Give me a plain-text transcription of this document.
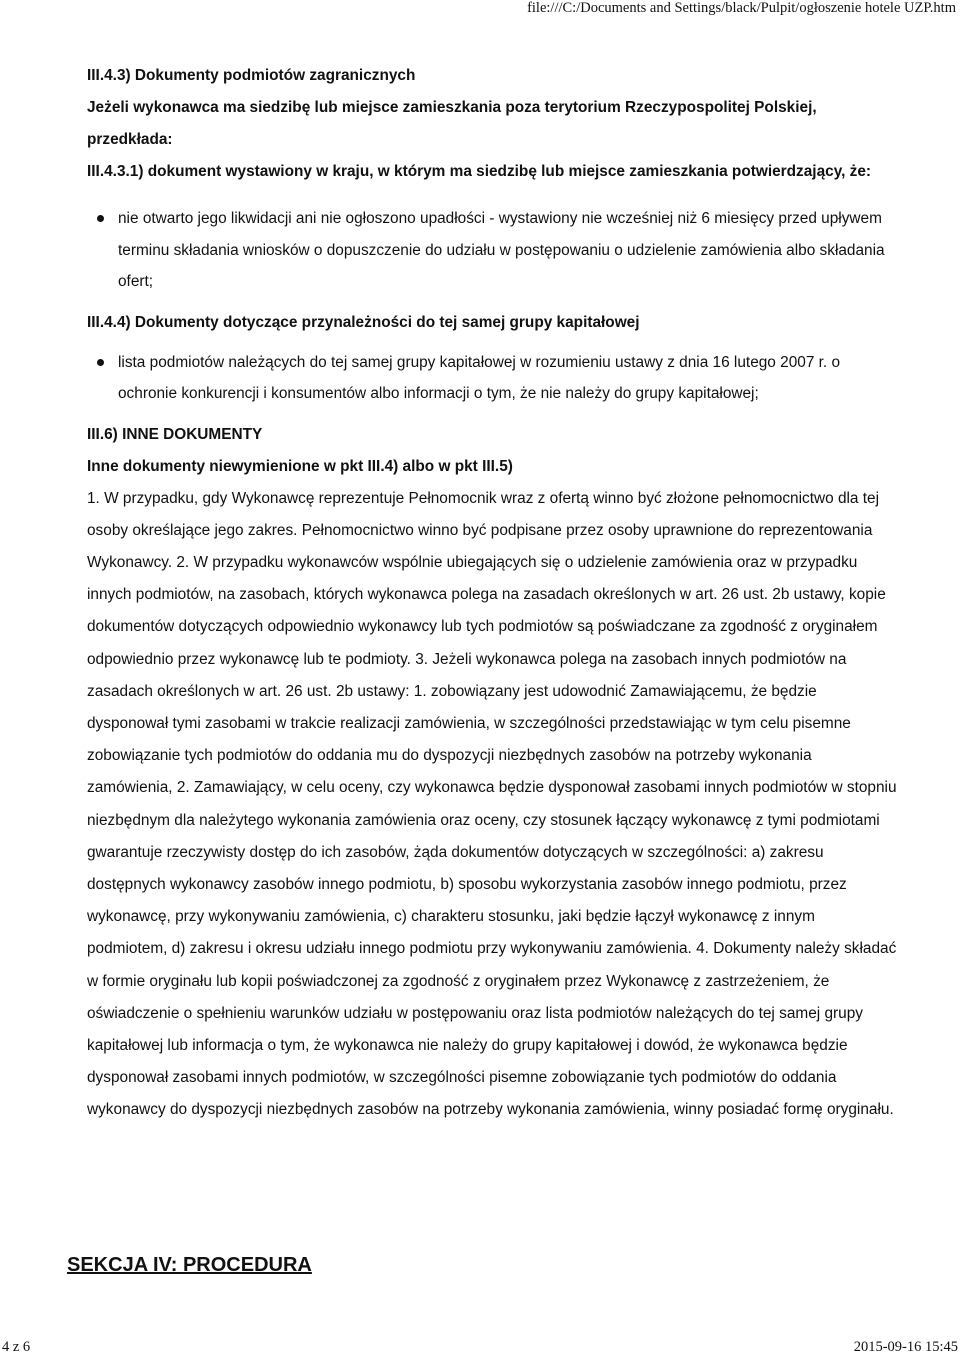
file:///C:/Documents and Settings/black/Pulpit/ogłoszenie hotele UZP.htm
III.4.3) Dokumenty podmiotów zagranicznych
Jeżeli wykonawca ma siedzibę lub miejsce zamieszkania poza terytorium Rzeczypospolitej Polskiej, przedkłada:
III.4.3.1) dokument wystawiony w kraju, w którym ma siedzibę lub miejsce zamieszkania potwierdzający, że:
nie otwarto jego likwidacji ani nie ogłoszono upadłości - wystawiony nie wcześniej niż 6 miesięcy przed upływem terminu składania wniosków o dopuszczenie do udziału w postępowaniu o udzielenie zamówienia albo składania ofert;
III.4.4) Dokumenty dotyczące przynależności do tej samej grupy kapitałowej
lista podmiotów należących do tej samej grupy kapitałowej w rozumieniu ustawy z dnia 16 lutego 2007 r. o ochronie konkurencji i konsumentów albo informacji o tym, że nie należy do grupy kapitałowej;
III.6) INNE DOKUMENTY
Inne dokumenty niewymienione w pkt III.4) albo w pkt III.5)
1. W przypadku, gdy Wykonawcę reprezentuje Pełnomocnik wraz z ofertą winno być złożone pełnomocnictwo dla tej osoby określające jego zakres. Pełnomocnictwo winno być podpisane przez osoby uprawnione do reprezentowania Wykonawcy. 2. W przypadku wykonawców wspólnie ubiegających się o udzielenie zamówienia oraz w przypadku innych podmiotów, na zasobach, których wykonawca polega na zasadach określonych w art. 26 ust. 2b ustawy, kopie dokumentów dotyczących odpowiednio wykonawcy lub tych podmiotów są poświadczane za zgodność z oryginałem odpowiednio przez wykonawcę lub te podmioty. 3. Jeżeli wykonawca polega na zasobach innych podmiotów na zasadach określonych w art. 26 ust. 2b ustawy: 1. zobowiązany jest udowodnić Zamawiającemu, że będzie dysponował tymi zasobami w trakcie realizacji zamówienia, w szczególności przedstawiając w tym celu pisemne zobowiązanie tych podmiotów do oddania mu do dyspozycji niezbędnych zasobów na potrzeby wykonania zamówienia, 2. Zamawiający, w celu oceny, czy wykonawca będzie dysponował zasobami innych podmiotów w stopniu niezbędnym dla należytego wykonania zamówienia oraz oceny, czy stosunek łączący wykonawcę z tymi podmiotami gwarantuje rzeczywisty dostęp do ich zasobów, żąda dokumentów dotyczących w szczególności: a) zakresu dostępnych wykonawcy zasobów innego podmiotu, b) sposobu wykorzystania zasobów innego podmiotu, przez wykonawcę, przy wykonywaniu zamówienia, c) charakteru stosunku, jaki będzie łączył wykonawcę z innym podmiotem, d) zakresu i okresu udziału innego podmiotu przy wykonywaniu zamówienia. 4. Dokumenty należy składać w formie oryginału lub kopii poświadczonej za zgodność z oryginałem przez Wykonawcę z zastrzeżeniem, że oświadczenie o spełnieniu warunków udziału w postępowaniu oraz lista podmiotów należących do tej samej grupy kapitałowej lub informacja o tym, że wykonawca nie należy do grupy kapitałowej i dowód, że wykonawca będzie dysponował zasobami innych podmiotów, w szczególności pisemne zobowiązanie tych podmiotów do oddania wykonawcy do dyspozycji niezbędnych zasobów na potrzeby wykonania zamówienia, winny posiadać formę oryginału.
SEKCJA IV: PROCEDURA
4 z 6	2015-09-16 15:45
